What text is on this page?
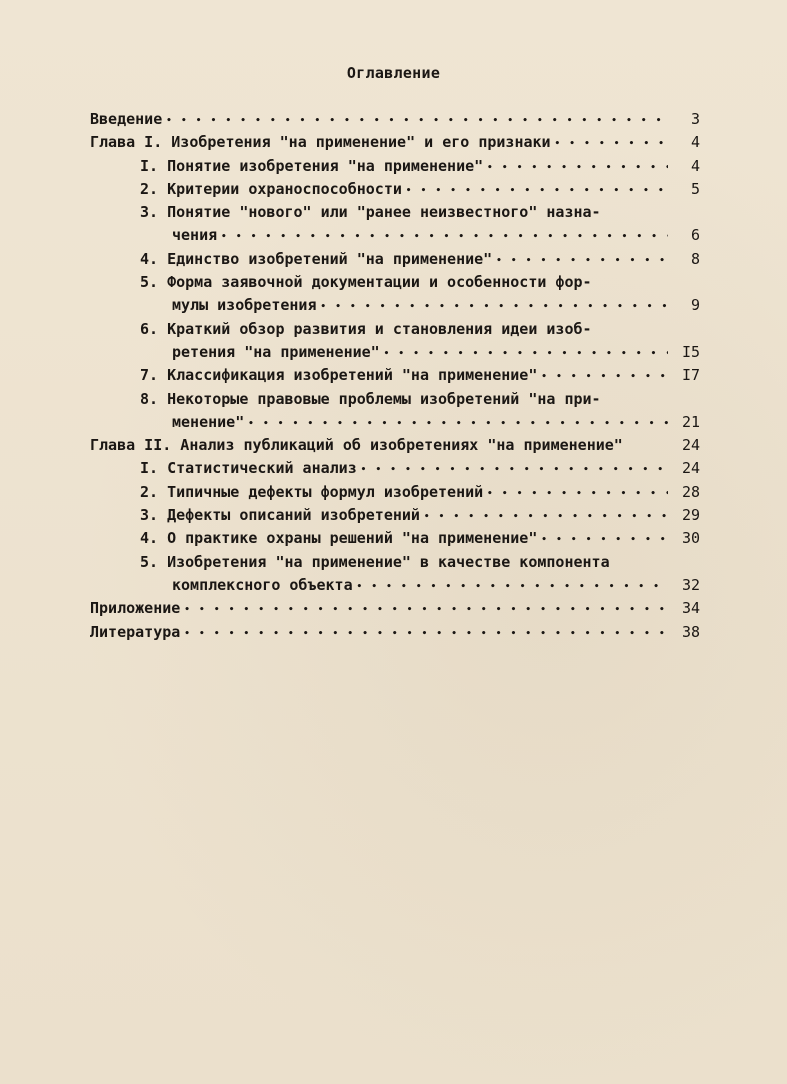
Оглавление
Введение • • •	3
Глава I. Изобретения "на применение" и его признаки • • •	4
I. Понятие изобретения "на применение" • • •	4
2. Критерии охраноспособности • • •	5
3. Понятие "нового" или "ранее неизвестного" назна-
чения • • •	6
4. Единство изобретений "на применение" • • •	8
5. Форма заявочной документации и особенности фор-
мулы изобретения • • •	9
6. Краткий обзор развития и становления идеи изоб-
ретения "на применение" • • •	I5
7. Классификация изобретений "на применение" • • •	I7
8. Некоторые правовые проблемы изобретений "на при-
менение" • • •	21
Глава II. Анализ публикаций об изобретениях "на применение"	24
I. Статистический анализ • • •	24
2. Типичные дефекты формул изобретений • • •	28
3. Дефекты описаний изобретений • • •	29
4. О практике охраны решений "на применение" • • •	30
5. Изобретения "на применение" в качестве компонента
комплексного объекта • • •	32
Приложение • • •	34
Литература • • •	38
